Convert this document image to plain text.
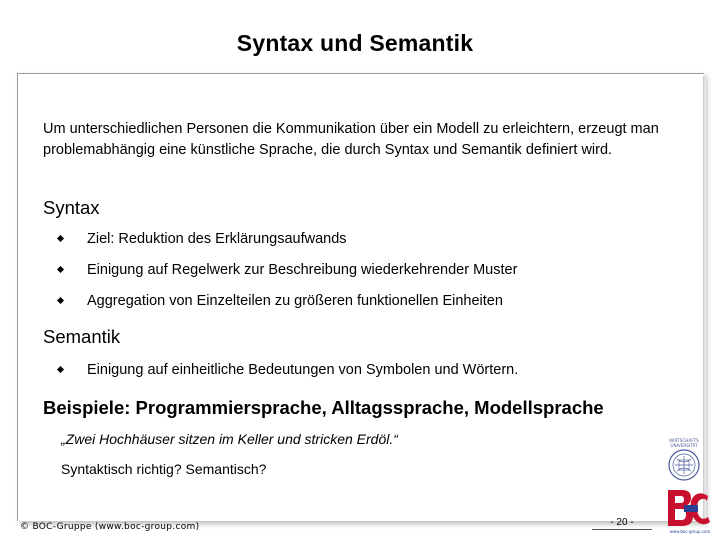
Syntax und Semantik
Um unterschiedlichen Personen die Kommunikation über ein Modell zu erleichtern, erzeugt man problemabhängig eine künstliche Sprache, die durch Syntax und Semantik definiert wird.
Syntax
Ziel: Reduktion des Erklärungsaufwands
Einigung auf Regelwerk zur Beschreibung wiederkehrender Muster
Aggregation von Einzelteilen zu größeren funktionellen Einheiten
Semantik
Einigung auf einheitliche Bedeutungen von Symbolen und Wörtern.
Beispiele: Programmiersprache, Alltagssprache, Modellsprache
„Zwei Hochhäuser sitzen im Keller und stricken Erdöl.“
Syntaktisch richtig? Semantisch?
© BOC-Gruppe (www.boc-group.com)	- 20 -
WIRTSCHAFTS
UNIVERSITÄT
www.boc-group.com
